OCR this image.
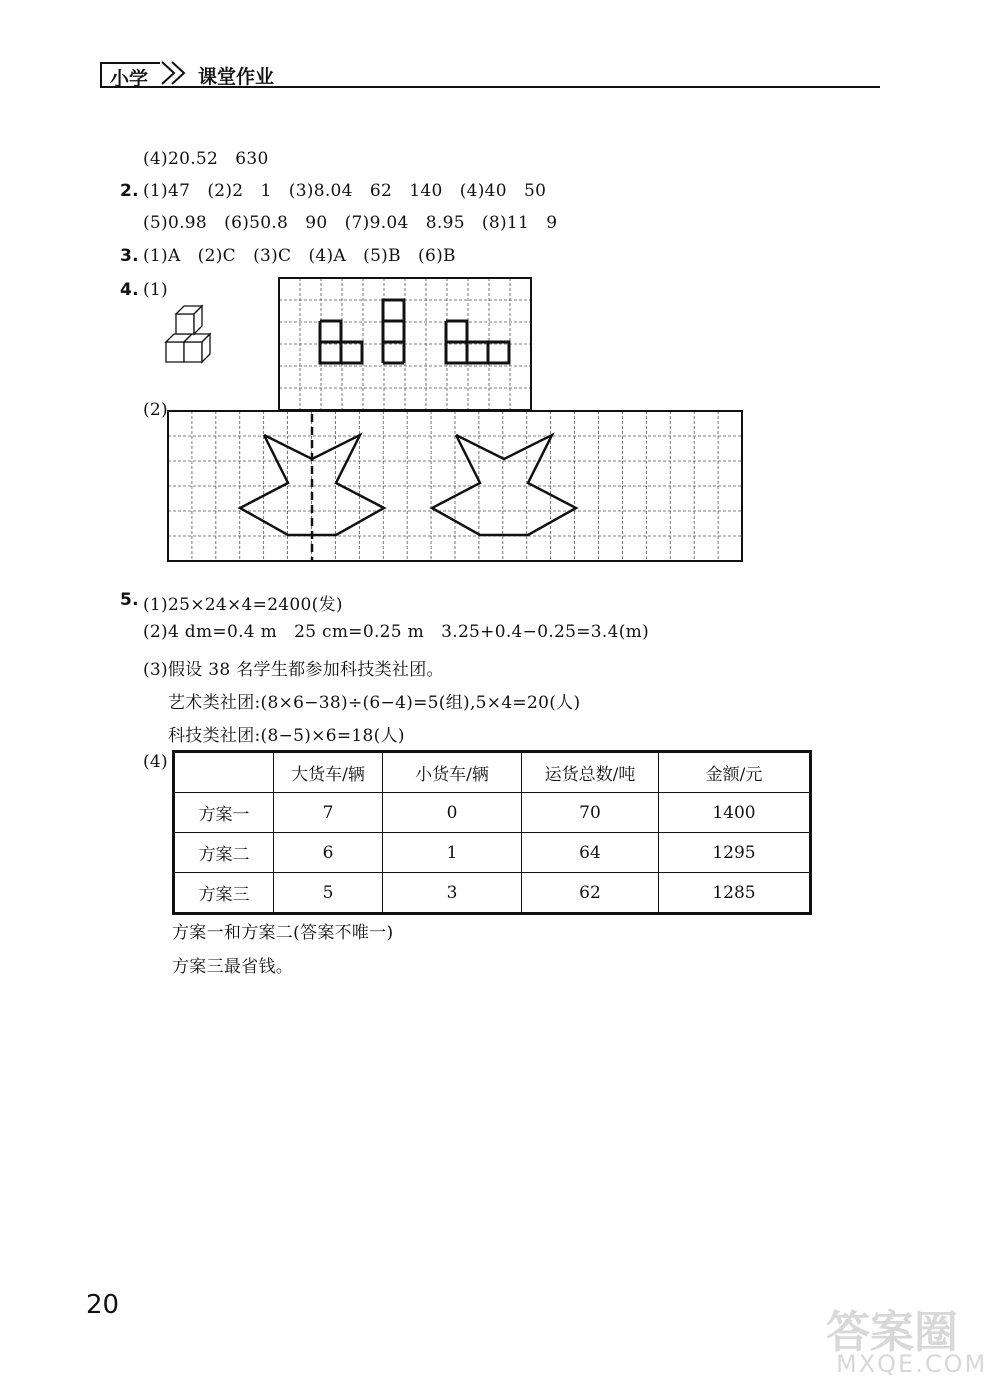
小学	课堂作业
(4)20.52   630
2. (1)47   (2)2   1   (3)8.04   62   140   (4)40   50
(5)0.98   (6)50.8   90   (7)9.04   8.95   (8)11   9
3. (1)A   (2)C   (3)C   (4)A   (5)B   (6)B
4. (1)
(2)
5. (1)25×24×4=2400(发)
(2)4 dm=0.4 m   25 cm=0.25 m   3.25+0.4−0.25=3.4(m)
(3)假设 38 名学生都参加科技类社团。
艺术类社团:(8×6−38)÷(6−4)=5(组),5×4=20(人)
科技类社团:(8−5)×6=18(人)
(4)
	大货车/辆	小货车/辆	运货总数/吨	金额/元
方案一	7	0	70	1400
方案二	6	1	64	1295
方案三	5	3	62	1285
方案一和方案二(答案不唯一)
方案三最省钱。
20
答案圈
MXQE.COM
